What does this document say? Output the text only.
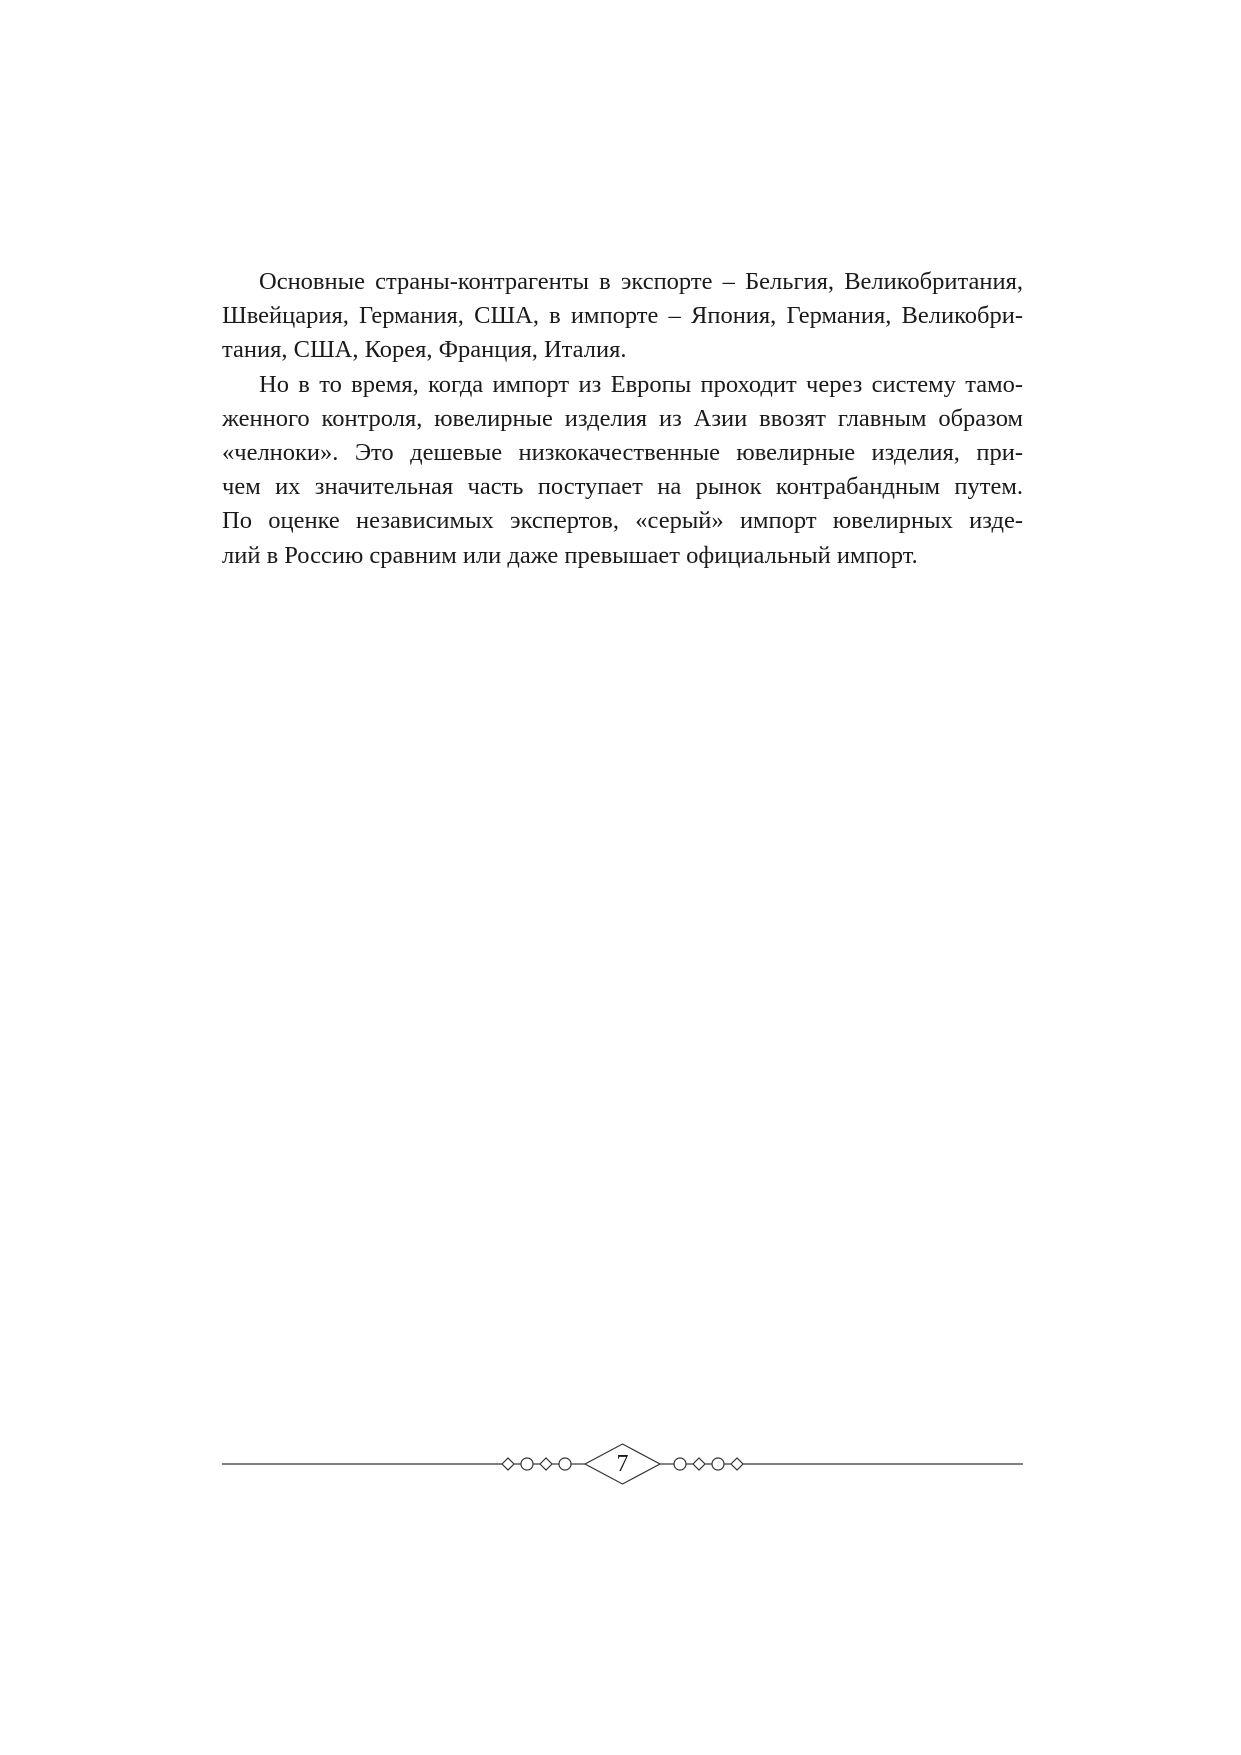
Основные страны-контрагенты в экспорте – Бельгия, Великобритания,
Швейцария, Германия, США, в импорте – Япония, Германия, Великобри-
тания, США, Корея, Франция, Италия.
Но в то время, когда импорт из Европы проходит через систему тамо-
женного контроля, ювелирные изделия из Азии ввозят главным образом
«челноки». Это дешевые низкокачественные ювелирные изделия, при-
чем их значительная часть поступает на рынок контрабандным путем.
По оценке независимых экспертов, «серый» импорт ювелирных изде-
лий в Россию сравним или даже превышает официальный импорт.
7
